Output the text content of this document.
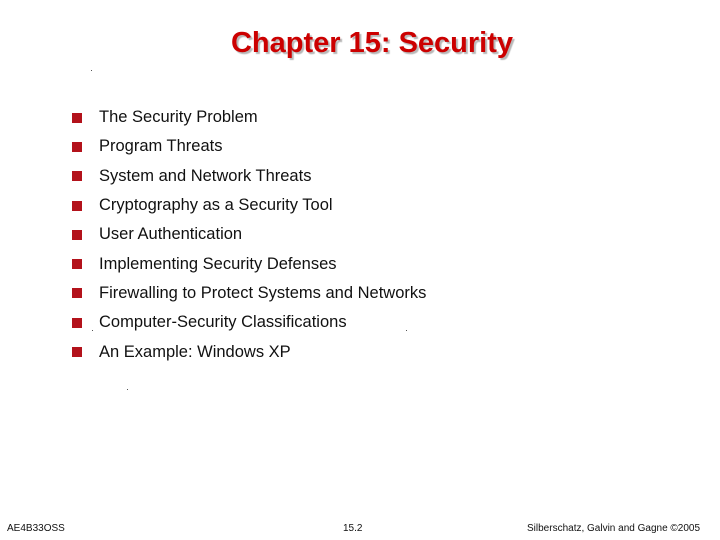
Chapter 15: Security
The Security Problem
Program Threats
System and Network Threats
Cryptography as a Security Tool
User Authentication
Implementing Security Defenses
Firewalling to Protect Systems and Networks
Computer-Security Classifications
An Example: Windows XP
AE4B33OSS	15.2	Silberschatz, Galvin and Gagne ©2005
